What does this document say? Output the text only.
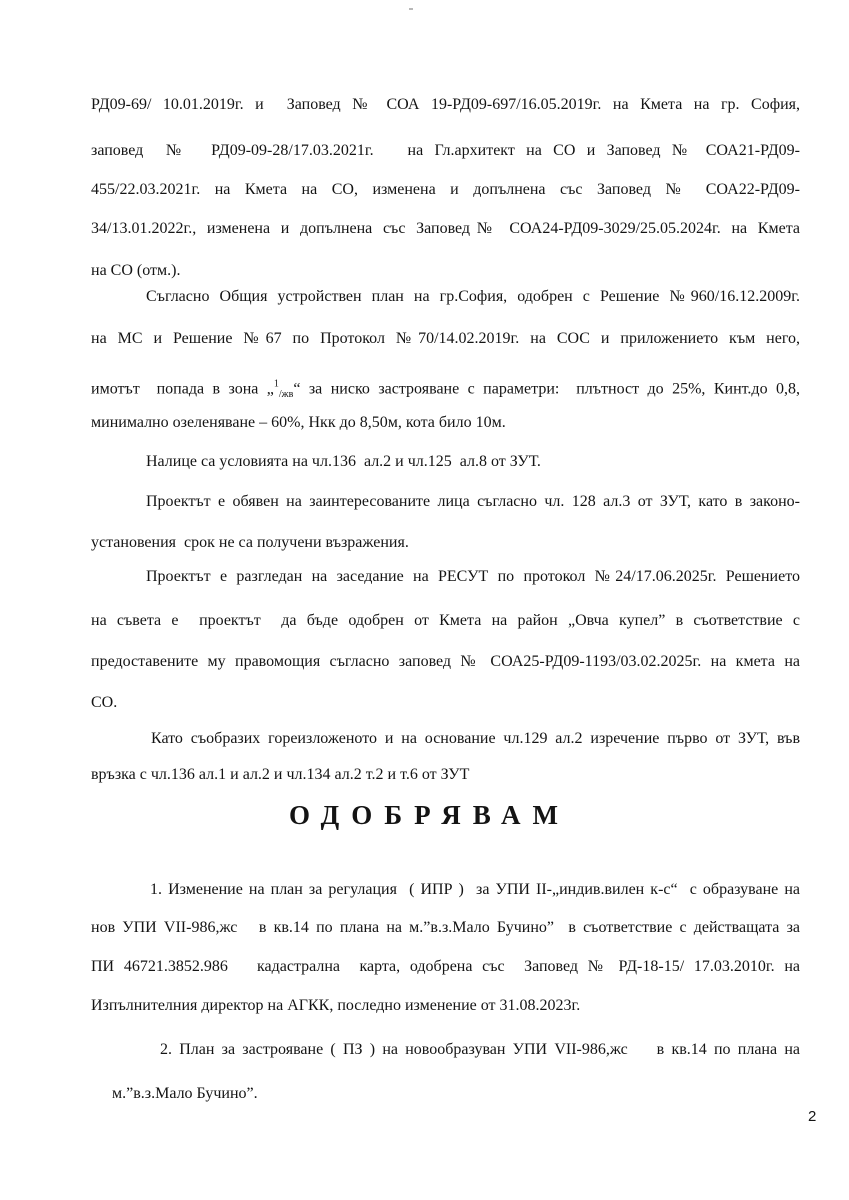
РД09-69/ 10.01.2019г. и  Заповед № СОА 19-РД09-697/16.05.2019г. на Кмета на гр. София,
заповед  №  РД09-09-28/17.03.2021г.   на Гл.архитект на СО и Заповед № СОА21-РД09-
455/22.03.2021г. на Кмета на СО, изменена и допълнена със Заповед № СОА22-РД09-
34/13.01.2022г., изменена и допълнена със Заповед№ СОА24-РД09-3029/25.05.2024г. на Кмета
на СО (отм.).
Съгласно Общия устройствен план на гр.София, одобрен с Решение №960/16.12.2009г.
на МС и Решение №67 по Протокол №70/14.02.2019г. на СОС и приложението към него,
имотът  попада в зона „$^1_{/жв}$“ за ниско застрояване с параметри:  плътност до 25%, Кинт.до 0,8,
минимално озеленяване – 60%, Нкк до 8,50м, кота било 10м.
Налице са условията на чл.136  ал.2 и чл.125  ал.8 от ЗУТ.
Проектът е обявен на заинтересованите лица съгласно чл. 128 ал.3 от ЗУТ, като в законо-
установения  срок не са получени възражения.
Проектът е разгледан на заседание на РЕСУТ по протокол №24/17.06.2025г. Решението
на съвета е  проектът  да бъде одобрен от Кмета на район „Овча купел” в съответствие с
предоставените му правомощия съгласно заповед № СОА25-РД09-1193/03.02.2025г. на кмета на
СО.
Като съобразих гореизложеното и на основание чл.129 ал.2 изречение първо от ЗУТ, във
връзка с чл.136 ал.1 и ал.2 и чл.134 ал.2 т.2 и т.6 от ЗУТ
ОДОБРЯВАМ
1. Изменение на план за регулация  ( ИПР )  за УПИ II-„индив.вилен к-с“  с образуване на
нов УПИ VII-986,жс   в кв.14 по плана на м.”в.з.Мало Бучино”  в съответствие с действащата за
ПИ 46721.3852.986   кадастрална  карта, одобрена със  Заповед № РД-18-15/ 17.03.2010г. на
Изпълнителния директор на АГКК, последно изменение от 31.08.2023г.
2. План за застрояване ( ПЗ ) на новообразуван УПИ VII-986,жс    в кв.14 по плана на
м.”в.з.Мало Бучино”.
2
